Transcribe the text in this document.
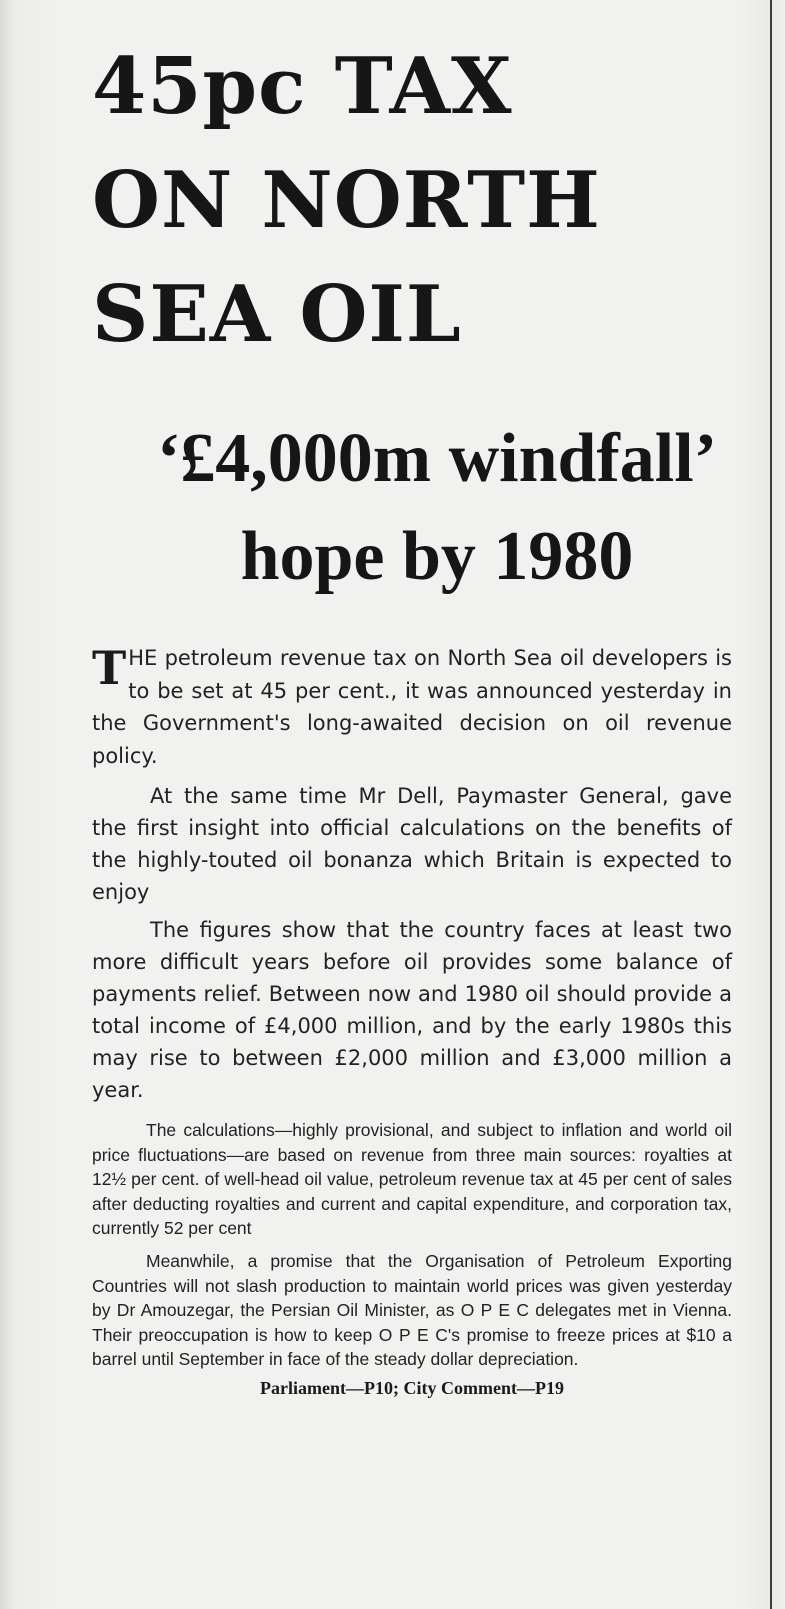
45pc TAX
ON NORTH
SEA OIL
‘£4,000m windfall’
hope by 1980

THE petroleum revenue tax on North Sea oil developers is to be set at 45 per cent., it was announced yesterday in the Government's long-awaited decision on oil revenue policy.

At the same time Mr Dell, Paymaster General, gave the first insight into official calculations on the benefits of the highly-touted oil bonanza which Britain is expected to enjoy

The figures show that the country faces at least two more difficult years before oil provides some balance of payments relief. Between now and 1980 oil should provide a total income of £4,000 million, and by the early 1980s this may rise to between £2,000 million and £3,000 million a year.

The calculations—highly provisional, and subject to inflation and world oil price fluctuations—are based on revenue from three main sources: royalties at 12½ per cent. of well-head oil value, petroleum revenue tax at 45 per cent of sales after deducting royalties and current and capital expenditure, and corporation tax, currently 52 per cent

Meanwhile, a promise that the Organisation of Petroleum Exporting Countries will not slash production to maintain world prices was given yesterday by Dr Amouzegar, the Persian Oil Minister, as O P E C delegates met in Vienna. Their preoccupation is how to keep O P E C's promise to freeze prices at $10 a barrel until September in face of the steady dollar depreciation.

Parliament—P10; City Comment—P19
